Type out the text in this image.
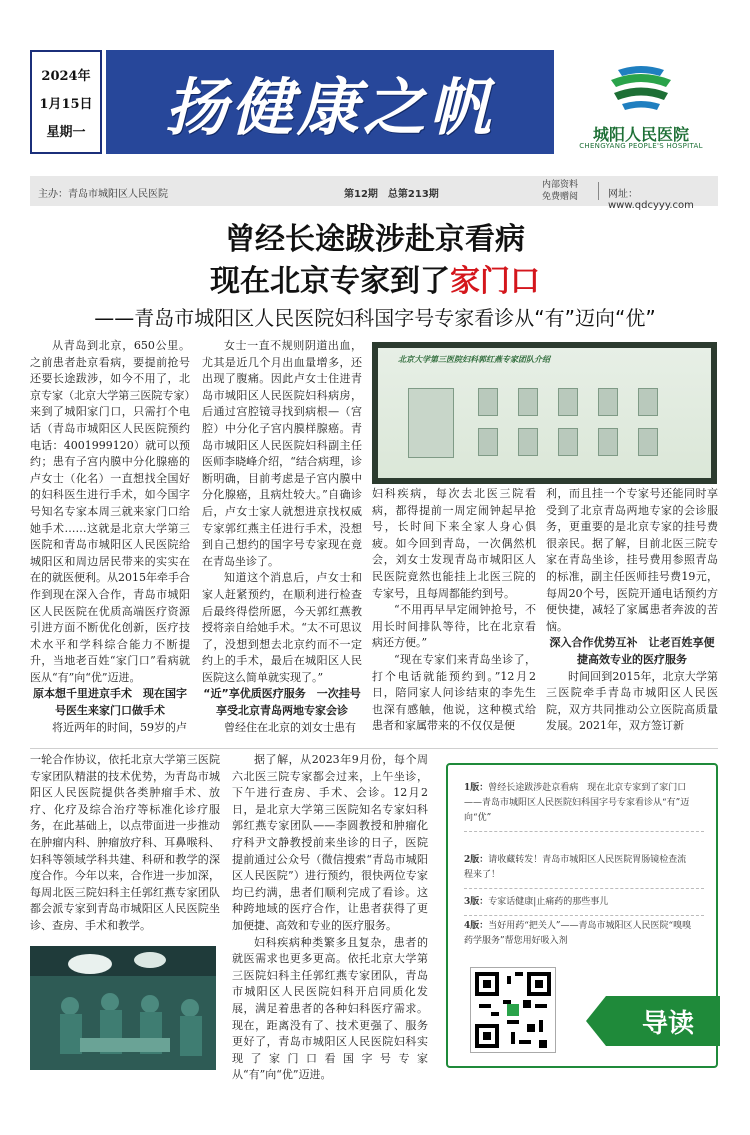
2024年
1月15日
星期一 扬健康之帆	城阳人民医院
CHENGYANG PEOPLE'S HOSPITAL
主办：青岛市城阳区人民医院	第12期　总第213期
内部资料
免费赠阅	网址：www.qdcyyy.com
曾经长途跋涉赴京看病
现在北京专家到了家门口
——青岛市城阳区人民医院妇科国字号专家看诊从“有”迈向“优”

从青岛到北京，650公里。之前患者赴京看病，要提前抢号还要长途跋涉，如今不用了，北京专家（北京大学第三医院专家）来到了城阳家门口，只需打个电话（青岛市城阳区人民医院预约电话：4001999120）就可以预约；患有子宫内膜中分化腺癌的卢女士（化名）一直想找全国好的妇科医生进行手术，如今国字号知名专家本周三就来家门口给她手术……这就是北京大学第三医院和青岛市城阳区人民医院给城阳区和周边居民带来的实实在在的就医便利。从2015年牵手合作到现在深入合作，青岛市城阳区人民医院在优质高端医疗资源引进方面不断优化创新，医疗技术水平和学科综合能力不断提升，当地老百姓“家门口”看病就医从“有”向“优”迈进。

原本想千里进京手术　现在国字号医生来家门口做手术

将近两年的时间，59岁的卢

女士一直不规则阴道出血，尤其是近几个月出血量增多，还出现了腹痛。因此卢女士住进青岛市城阳区人民医院妇科病房，后通过宫腔镜寻找到病根—（宫腔）中分化子宫内膜样腺癌。青岛市城阳区人民医院妇科副主任医师李晓峰介绍，“结合病理，诊断明确，目前考虑是子宫内膜中分化腺癌，且病灶较大。”自确诊后，卢女士家人就想进京找权威专家郭红燕主任进行手术，没想到自己想约的国字号专家现在竟在青岛坐诊了。

知道这个消息后，卢女士和家人赶紧预约，在顺利进行检查后最终得偿所愿，今天郭红燕教授将亲自给她手术。“太不可思议了，没想到想去北京约而不一定约上的手术，最后在城阳区人民医院这么简单就实现了。”

“近”享优质医疗服务　一次挂号享受北京青岛两地专家会诊

曾经住在北京的刘女士患有

北京大学第三医院妇科郭红燕专家团队介绍

妇科疾病，每次去北医三院看病，都得提前一周定闹钟起早抢号，长时间下来全家人身心俱疲。如今回到青岛，一次偶然机会，刘女士发现青岛市城阳区人民医院竟然也能挂上北医三院的专家号，且每周都能约到号。

“不用再早早定闹钟抢号，不用长时间排队等待，比在北京看病还方便。”

“现在专家们来青岛坐诊了，打个电话就能预约到。”12月2日，陪同家人问诊结束的李先生也深有感触，他说，这种模式给患者和家属带来的不仅仅是便

利，而且挂一个专家号还能同时享受到了北京青岛两地专家的会诊服务，更重要的是北京专家的挂号费很亲民。据了解，目前北医三院专家在青岛坐诊，挂号费用参照青岛的标准，副主任医师挂号费19元，每周20个号，医院开通电话预约方便快捷，减轻了家属患者奔波的苦恼。

深入合作优势互补　让老百姓享便捷高效专业的医疗服务

时间回到2015年，北京大学第三医院牵手青岛市城阳区人民医院，双方共同推动公立医院高质量发展。2021年，双方签订新

一轮合作协议，依托北京大学第三医院专家团队精湛的技术优势，为青岛市城阳区人民医院提供各类肿瘤手术、放疗、化疗及综合治疗等标准化诊疗服务，在此基础上，以点带面进一步推动在肿瘤内科、肿瘤放疗科、耳鼻喉科、妇科等领域学科共建、科研和教学的深度合作。今年以来，合作进一步加深，每周北医三院妇科主任郭红燕专家团队都会派专家到青岛市城阳区人民医院坐诊、查房、手术和教学。

据了解，从2023年9月份，每个周六北医三院专家都会过来，上午坐诊，下午进行查房、手术、会诊。12月2日，是北京大学第三医院知名专家妇科郭红燕专家团队——李圆教授和肿瘤化疗科尹文静教授前来坐诊的日子，医院提前通过公众号（微信搜索“青岛市城阳区人民医院”）进行预约，很快两位专家均已约满，患者们顺利完成了看诊。这种跨地域的医疗合作，让患者获得了更加便捷、高效和专业的医疗服务。

妇科疾病种类繁多且复杂，患者的就医需求也更多更高。依托北京大学第三医院妇科主任郭红燕专家团队，青岛市城阳区人民医院妇科开启同质化发展，满足着患者的各种妇科医疗需求。现在，距离没有了、技术更强了、服务更好了，青岛市城阳区人民医院妇科实现了家门口看国字号专家从“有”向“优”迈进。

1版：曾经长途跋涉赴京看病　现在北京专家到了家门口——青岛市城阳区人民医院妇科国字号专家看诊从“有”迈向“优”
2版：请收藏转发！青岛市城阳区人民医院胃肠镜检查流程来了！
3版：专家话健康|止痛药的那些事儿
4版：当好用药“把关人”——青岛市城阳区人民医院“嗅嗅药学服务”帮您用好吸入剂
导读
